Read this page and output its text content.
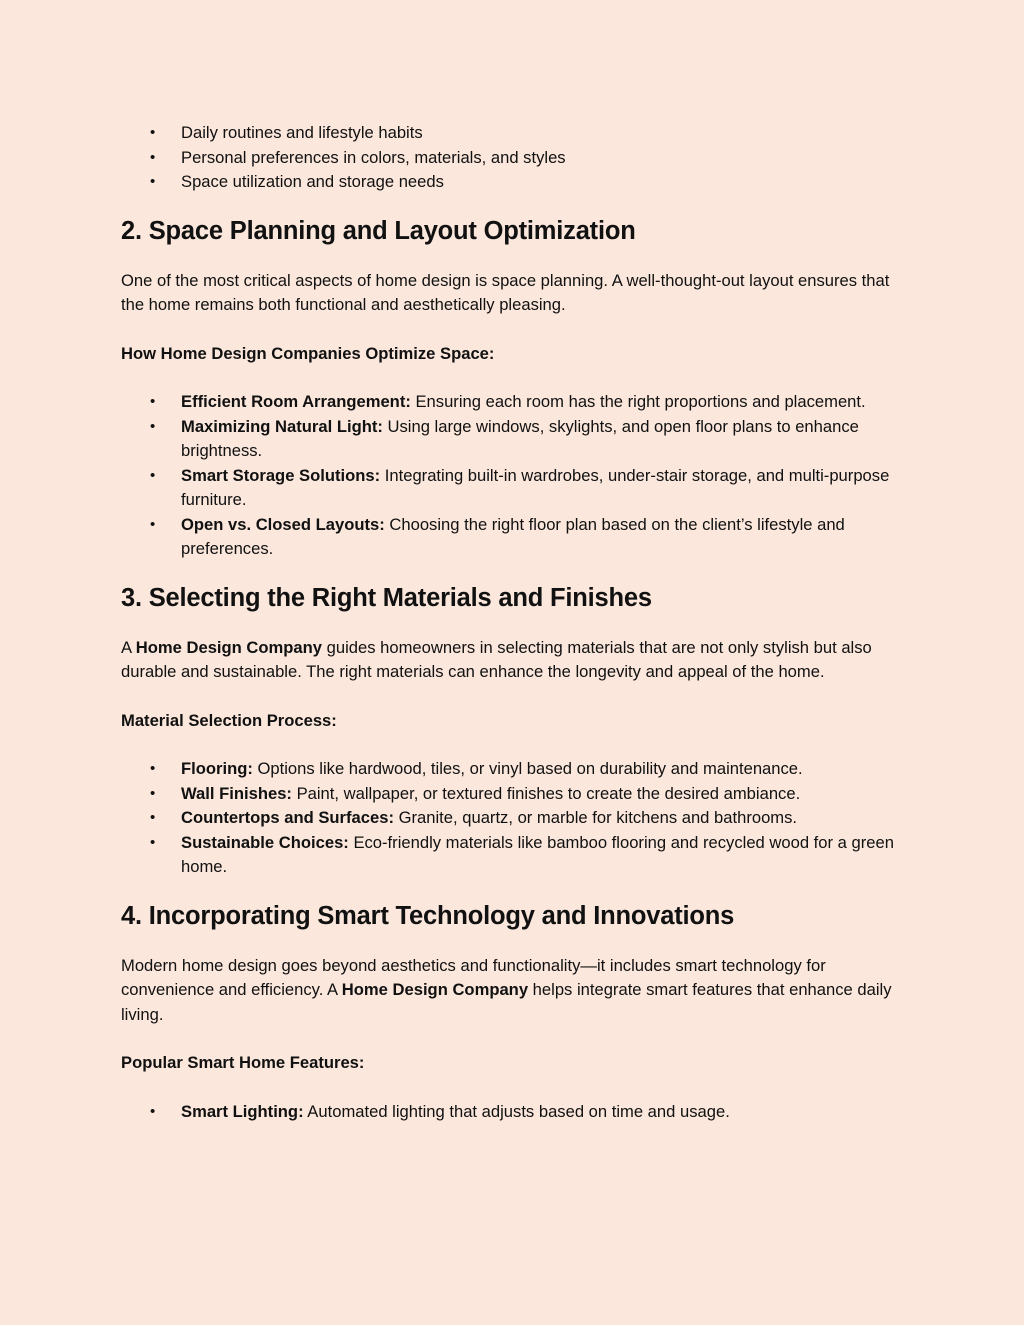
• Daily routines and lifestyle habits
• Personal preferences in colors, materials, and styles
• Space utilization and storage needs
2. Space Planning and Layout Optimization

One of the most critical aspects of home design is space planning. A well-thought-out layout ensures that the home remains both functional and aesthetically pleasing.

How Home Design Companies Optimize Space:

• Efficient Room Arrangement: Ensuring each room has the right proportions and placement.
• Maximizing Natural Light: Using large windows, skylights, and open floor plans to enhance brightness.
• Smart Storage Solutions: Integrating built-in wardrobes, under-stair storage, and multi-purpose furniture.
• Open vs. Closed Layouts: Choosing the right floor plan based on the client’s lifestyle and preferences.
3. Selecting the Right Materials and Finishes

A Home Design Company guides homeowners in selecting materials that are not only stylish but also durable and sustainable. The right materials can enhance the longevity and appeal of the home.

Material Selection Process:

• Flooring: Options like hardwood, tiles, or vinyl based on durability and maintenance.
• Wall Finishes: Paint, wallpaper, or textured finishes to create the desired ambiance.
• Countertops and Surfaces: Granite, quartz, or marble for kitchens and bathrooms.
• Sustainable Choices: Eco-friendly materials like bamboo flooring and recycled wood for a green home.
4. Incorporating Smart Technology and Innovations

Modern home design goes beyond aesthetics and functionality—it includes smart technology for convenience and efficiency. A Home Design Company helps integrate smart features that enhance daily living.

Popular Smart Home Features:

• Smart Lighting: Automated lighting that adjusts based on time and usage.
